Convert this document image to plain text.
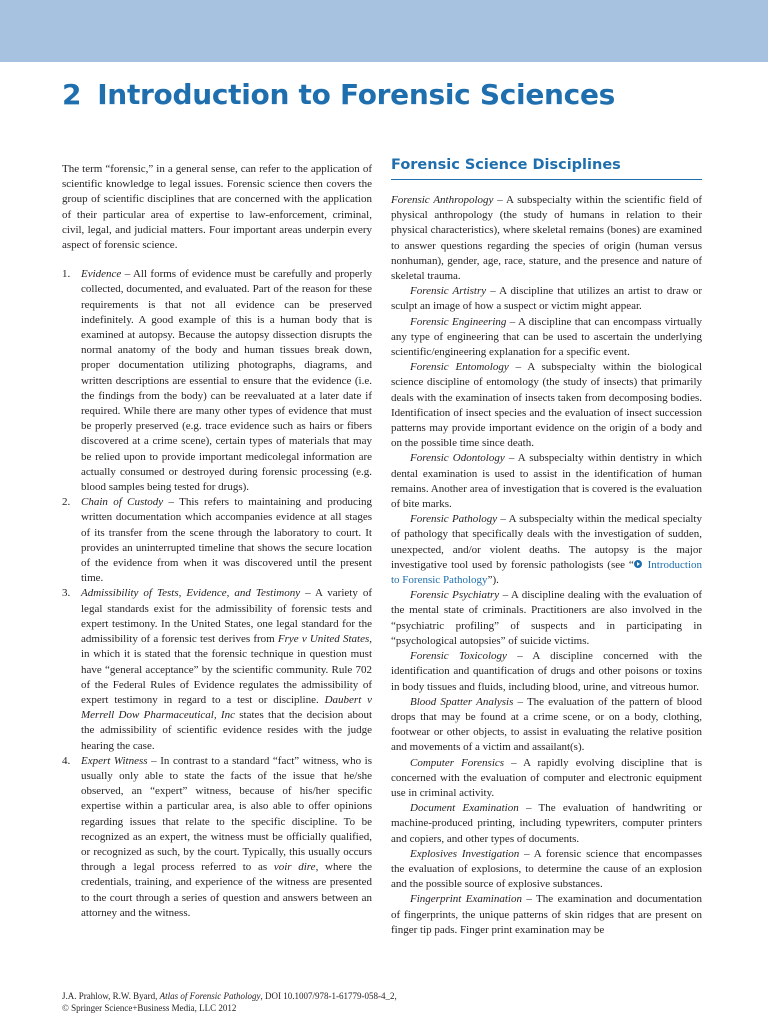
2 Introduction to Forensic Sciences

The term “forensic,” in a general sense, can refer to the application of scientific knowledge to legal issues. Forensic science then covers the group of scientific disciplines that are concerned with the application of their particular area of expertise to law-enforcement, criminal, civil, legal, and judicial matters. Four important areas underpin every aspect of forensic science.

1. Evidence – All forms of evidence must be carefully and properly collected, documented, and evaluated. Part of the reason for these requirements is that not all evidence can be preserved indefinitely. A good example of this is a human body that is examined at autopsy. Because the autopsy dissection disrupts the normal anatomy of the body and human tissues break down, proper documentation utilizing photographs, diagrams, and written descriptions are essential to ensure that the evidence (i.e. the findings from the body) can be reevaluated at a later date if required. While there are many other types of evidence that must be properly preserved (e.g. trace evidence such as hairs or fibers discovered at a crime scene), certain types of materials that may be relied upon to provide important medicolegal information are actually consumed or destroyed during forensic processing (e.g. blood samples being tested for drugs).
2. Chain of Custody – This refers to maintaining and producing written documentation which accompanies evidence at all stages of its transfer from the scene through the laboratory to court. It provides an uninterrupted timeline that shows the secure location of the evidence from when it was discovered until the present time.
3. Admissibility of Tests, Evidence, and Testimony – A variety of legal standards exist for the admissibility of forensic tests and expert testimony. In the United States, one legal standard for the admissibility of a forensic test derives from Frye v United States, in which it is stated that the forensic technique in question must have “general acceptance” by the scientific community. Rule 702 of the Federal Rules of Evidence regulates the admissibility of expert testimony in regard to a test or discipline. Daubert v Merrell Dow Pharmaceutical, Inc states that the decision about the admissibility of scientific evidence resides with the judge hearing the case.
4. Expert Witness – In contrast to a standard “fact” witness, who is usually only able to state the facts of the issue that he/she observed, an “expert” witness, because of his/her specific expertise within a particular area, is also able to offer opinions regarding issues that relate to the specific discipline. To be recognized as an expert, the witness must be officially qualified, or recognized as such, by the court. Typically, this usually occurs through a legal process referred to as voir dire, where the credentials, training, and experience of the witness are presented to the court through a series of question and answers between an attorney and the witness.
Forensic Science Disciplines

Forensic Anthropology – A subspecialty within the scientific field of physical anthropology (the study of humans in relation to their physical characteristics), where skeletal remains (bones) are examined to answer questions regarding the species of origin (human versus nonhuman), gender, age, race, stature, and the presence and nature of skeletal trauma.

Forensic Artistry – A discipline that utilizes an artist to draw or sculpt an image of how a suspect or victim might appear.

Forensic Engineering – A discipline that can encompass virtually any type of engineering that can be used to ascertain the underlying scientific/engineering explanation for a specific event.

Forensic Entomology – A subspecialty within the biological science discipline of entomology (the study of insects) that primarily deals with the examination of insects taken from decomposing bodies. Identification of insect species and the evaluation of insect succession patterns may provide important evidence on the origin of a body and on the possible time since death.

Forensic Odontology – A subspecialty within dentistry in which dental examination is used to assist in the identification of human remains. Another area of investigation that is covered is the evaluation of bite marks.

Forensic Pathology – A subspecialty within the medical specialty of pathology that specifically deals with the investigation of sudden, unexpected, and/or violent deaths. The autopsy is the major investigative tool used by forensic pathologists (see “ Introduction to Forensic Pathology”).

Forensic Psychiatry – A discipline dealing with the evaluation of the mental state of criminals. Practitioners are also involved in the “psychiatric profiling” of suspects and in participating in “psychological autopsies” of suicide victims.

Forensic Toxicology – A discipline concerned with the identification and quantification of drugs and other poisons or toxins in body tissues and fluids, including blood, urine, and vitreous humor.

Blood Spatter Analysis – The evaluation of the pattern of blood drops that may be found at a crime scene, or on a body, clothing, footwear or other objects, to assist in evaluating the relative position and movements of a victim and assailant(s).

Computer Forensics – A rapidly evolving discipline that is concerned with the evaluation of computer and electronic equipment use in criminal activity.

Document Examination – The evaluation of handwriting or machine-produced printing, including typewriters, computer printers and copiers, and other types of documents.

Explosives Investigation – A forensic science that encompasses the evaluation of explosions, to determine the cause of an explosion and the possible source of explosive substances.

Fingerprint Examination – The examination and documentation of fingerprints, the unique patterns of skin ridges that are present on finger tip pads. Finger print examination may be

J.A. Prahlow, R.W. Byard, Atlas of Forensic Pathology, DOI 10.1007/978-1-61779-058-4_2,
© Springer Science+Business Media, LLC 2012
